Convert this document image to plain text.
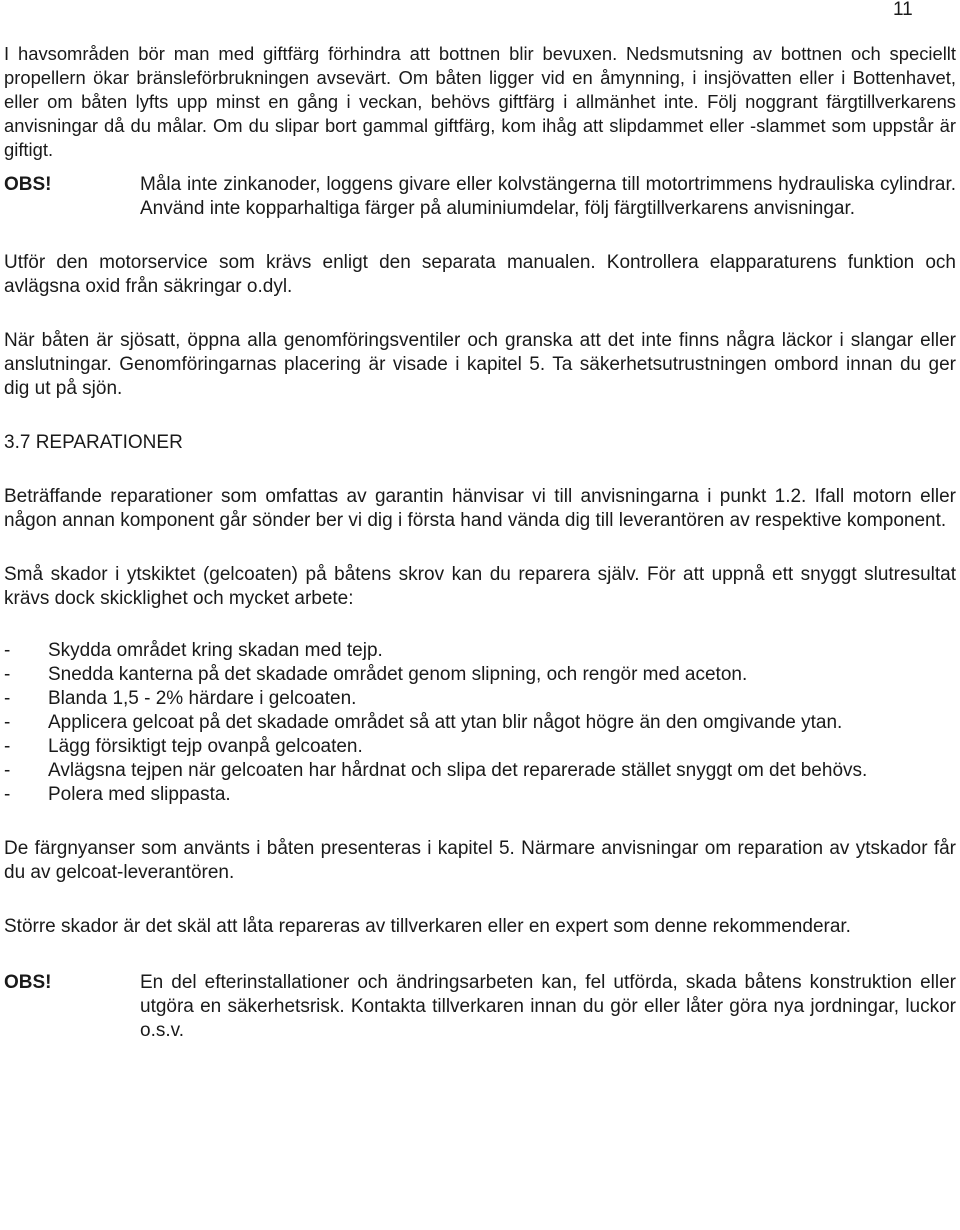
11

I havsområden bör man med giftfärg förhindra att bottnen blir bevuxen. Nedsmutsning av bottnen och speciellt propellern ökar bränsleförbrukningen avsevärt. Om båten ligger vid en åmynning, i insjövatten eller i Bottenhavet, eller om båten lyfts upp minst en gång i veckan, behövs giftfärg i allmänhet inte. Följ noggrant färgtillverkarens anvisningar då du målar. Om du slipar bort gammal giftfärg, kom ihåg att slipdammet eller -slammet som uppstår är giftigt.

OBS!	Måla inte zinkanoder, loggens givare eller kolvstängerna till motortrimmens hydrauliska cylindrar. Använd inte kopparhaltiga färger på aluminiumdelar, följ färgtillverkarens anvisningar.

Utför den motorservice som krävs enligt den separata manualen. Kontrollera elapparaturens funktion och avlägsna oxid från säkringar o.dyl.

När båten är sjösatt, öppna alla genomföringsventiler och granska att det inte finns några läckor i slangar eller anslutningar. Genomföringarnas placering är visade i kapitel 5. Ta säkerhetsutrustningen ombord innan du ger dig ut på sjön.

3.7 REPARATIONER

Beträffande reparationer som omfattas av garantin hänvisar vi till anvisningarna i punkt 1.2. Ifall motorn eller någon annan komponent går sönder ber vi dig i första hand vända dig till leverantören av respektive komponent.

Små skador i ytskiktet (gelcoaten) på båtens skrov kan du reparera själv. För att uppnå ett snyggt slutresultat krävs dock skicklighet och mycket arbete:

-	Skydda området kring skadan med tejp.
-	Snedda kanterna på det skadade området genom slipning, och rengör med aceton.
-	Blanda 1,5 - 2% härdare i gelcoaten.
-	Applicera gelcoat på det skadade området så att ytan blir något högre än den omgivande ytan.
-	Lägg försiktigt tejp ovanpå gelcoaten.
-	Avlägsna tejpen när gelcoaten har hårdnat och slipa det reparerade stället snyggt om det behövs.
-	Polera med slippasta.

De färgnyanser som använts i båten presenteras i kapitel 5. Närmare anvisningar om reparation av ytskador får du av gelcoat-leverantören.

Större skador är det skäl att låta repareras av tillverkaren eller en expert som denne rekommenderar.

OBS!	En del efterinstallationer och ändringsarbeten kan, fel utförda, skada båtens konstruktion eller utgöra en säkerhetsrisk. Kontakta tillverkaren innan du gör eller låter göra nya jordningar, luckor o.s.v.
